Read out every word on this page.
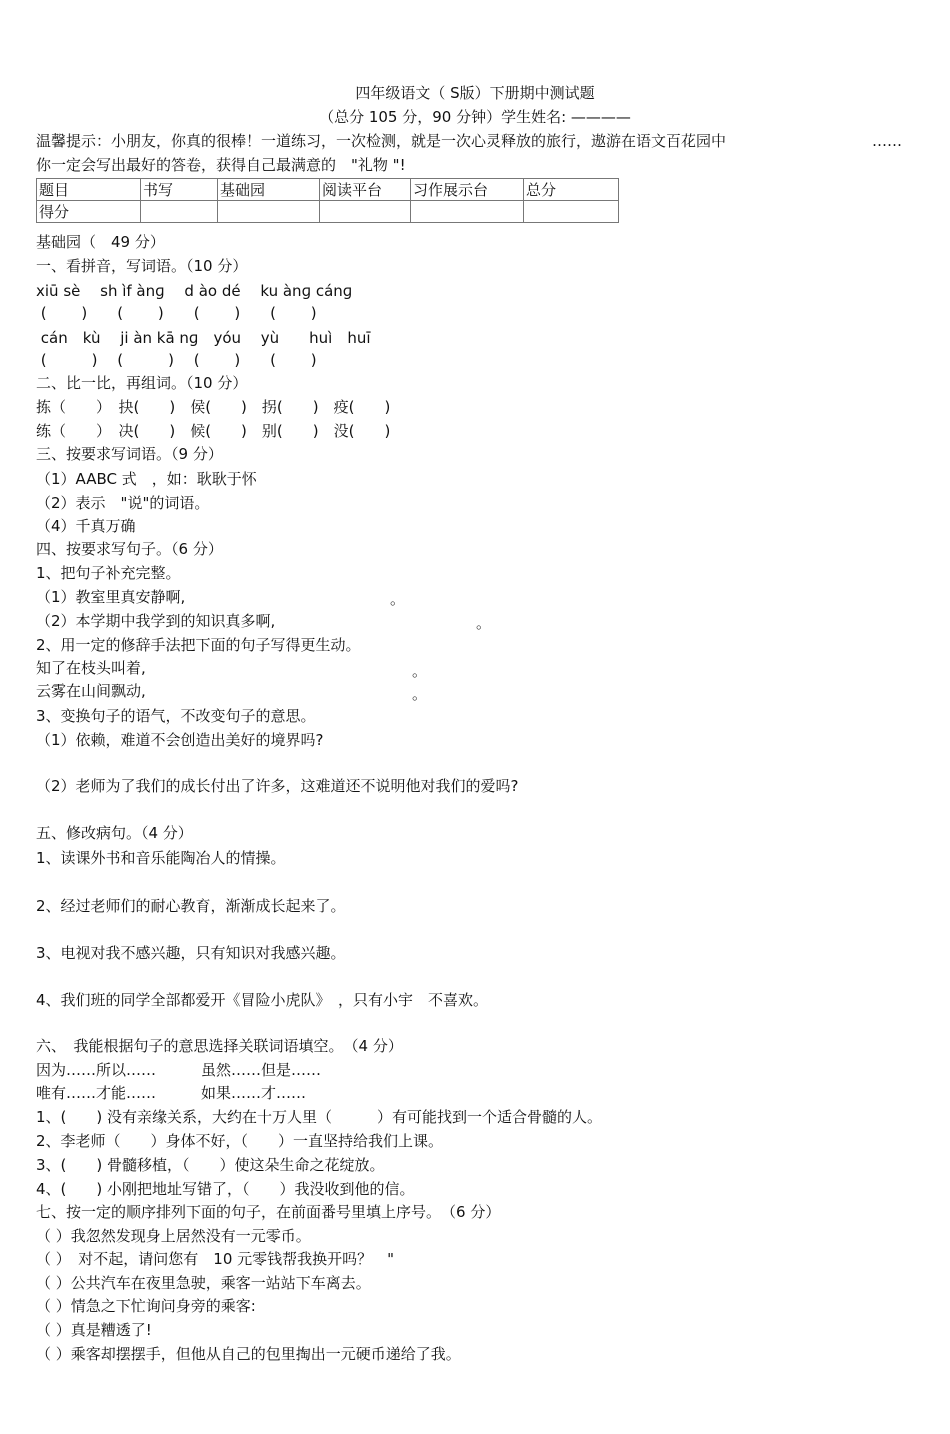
四年级语文（ S版）下册期中测试题
（总分 105 分，90 分钟）学生姓名: ————
温馨提示：小朋友，你真的很棒！一道练习，一次检测，就是一次心灵释放的旅行，遨游在语文百花园中	……
你一定会写出最好的答卷，获得自己最满意的　"礼物 "!
题目	书写	基础园	阅读平台	习作展示台	总分
得分					
基础园（　49 分）
一、看拼音，写词语。（10 分）
xiū sè　 sh ìf ànɡ　 d ào dé　 ku ànɡ cánɡ
(　　 )　　(　　 )　　(　　 )　　(　　 )
cán　kù　 ji àn kā nɡ　yóu　 yù　　huì　huī
(　　　)　 (　　　)　 (　　 )　　(　　 )
二、比一比，再组词。（10 分）
拣（　　）　抉(　　)　侯(　　)　拐(　　)　疫(　　)
练（　　）　决(　　)　候(　　)　别(　　)　没(　　)
三、按要求写词语。（9 分）
（1）AABC 式　，如：耿耿于怀
（2）表示　"说"的词语。
（4）千真万确
四、按要求写句子。（6 分）
1、把句子补充完整。
（1）教室里真安静啊,	。
（2）本学期中我学到的知识真多啊,	。
2、用一定的修辞手法把下面的句子写得更生动。
知了在枝头叫着,	。
云雾在山间飘动,	。
3、变换句子的语气，不改变句子的意思。
（1）依赖，难道不会创造出美好的境界吗?
（2）老师为了我们的成长付出了许多，这难道还不说明他对我们的爱吗?
五、修改病句。（4 分）
1、读课外书和音乐能陶冶人的情操。
2、经过老师们的耐心教育，渐渐成长起来了。
3、电视对我不感兴趣，只有知识对我感兴趣。
4、我们班的同学全部都爱开《冒险小虎队》　，只有小宇　不喜欢。
六、　我能根据句子的意思选择关联词语填空。　（4 分）
因为……所以……　　　虽然……但是……
唯有……才能……　　　如果……才……
1、(　　) 没有亲缘关系，大约在十万人里（　　　）有可能找到一个适合骨髓的人。
2、李老师（　　）身体不好，（　　）一直坚持给我们上课。
3、(　　) 骨髓移植，（　　）使这朵生命之花绽放。
4、(　　) 小刚把地址写错了，（　　）我没收到他的信。
七、按一定的顺序排列下面的句子，在前面番号里填上序号。　（6 分）
（ ）我忽然发现身上居然没有一元零币。
（ ）　对不起，请问您有　10 元零钱帮我换开吗？　"
（ ）公共汽车在夜里急驶，乘客一站站下车离去。
（ ）情急之下忙询问身旁的乘客:
（ ）真是糟透了!
（ ）乘客却摆摆手，但他从自己的包里掏出一元硬币递给了我。
